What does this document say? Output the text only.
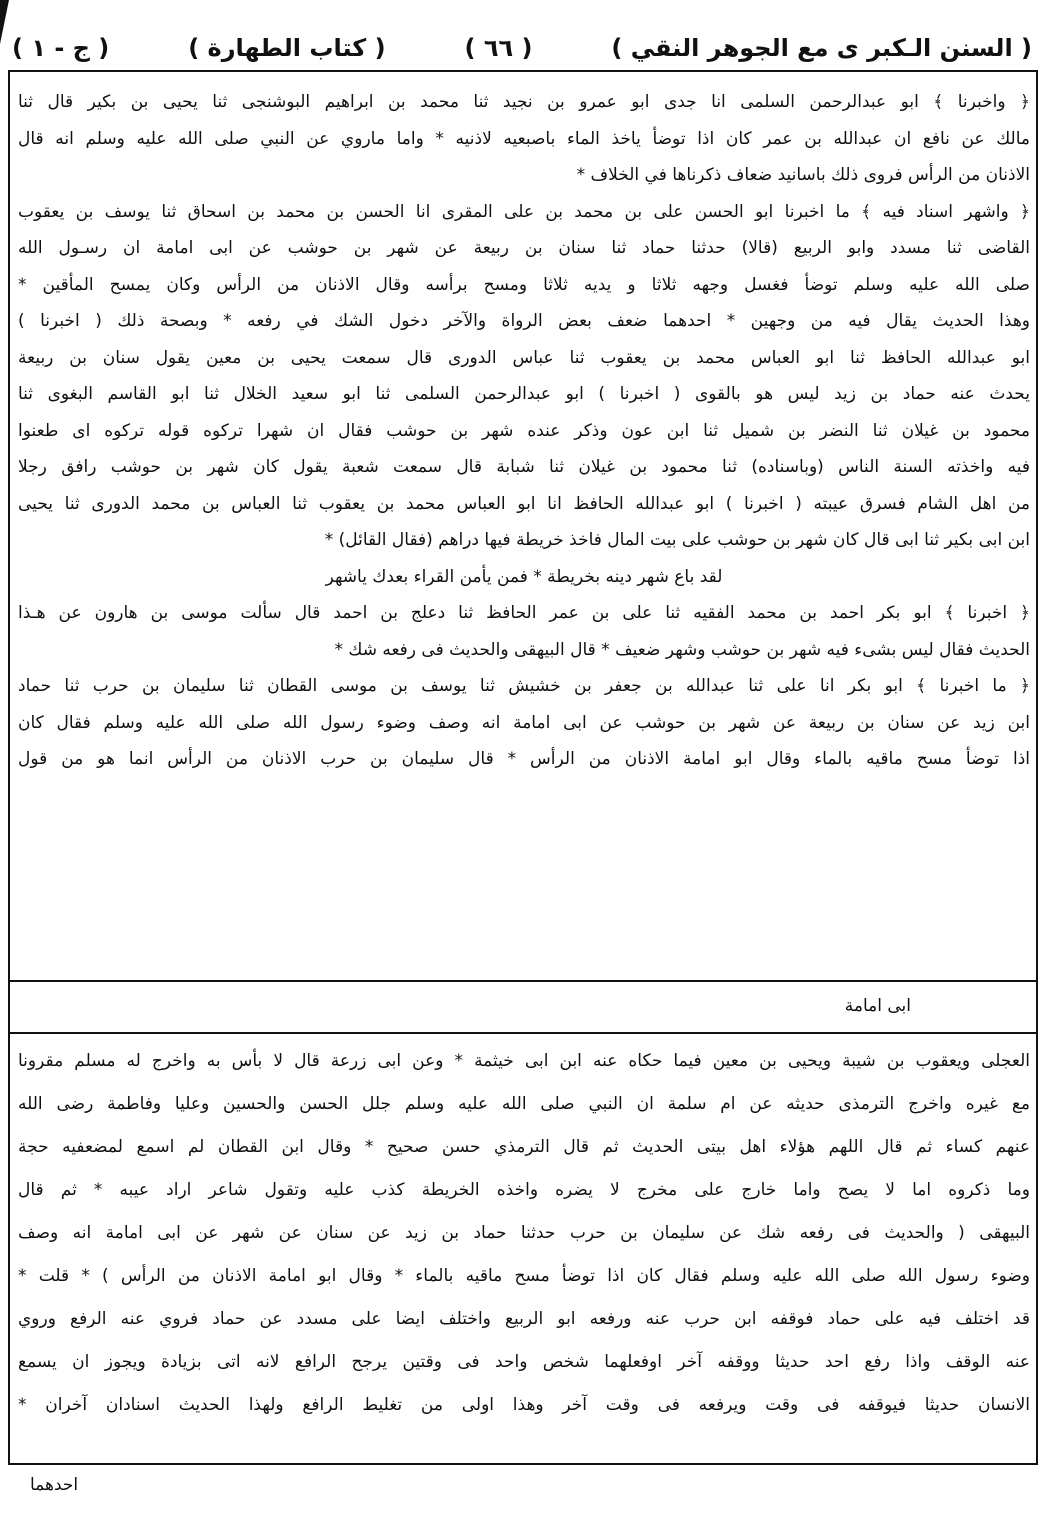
( السنن الـكبر ى مع الجوهر النقي )
( ٦٦ )
( كتاب الطهارة )
( ج - ١ )
﴿ واخبرنا ﴾ ابو عبدالرحمن السلمى انا جدى ابو عمرو بن نجيد ثنا محمد بن ابراهيم البوشنجى ثنا يحيى بن بكير قال ثنا
مالك عن نافع ان عبدالله بن عمر كان اذا توضأ ياخذ الماء باصبعيه لاذنيه * واما ماروي عن النبي صلى الله عليه وسلم انه قال
الاذنان من الرأس فروى ذلك باسانيد ضعاف ذكرناها في الخلاف *
﴿ واشهر اسناد فيه ﴾ ما اخبرنا ابو الحسن على بن محمد بن على المقرى انا الحسن بن محمد بن اسحاق ثنا يوسف بن يعقوب
القاضى ثنا مسدد وابو الربيع (قالا) حدثنا حماد ثنا سنان بن ربيعة عن شهر بن حوشب عن ابى امامة ان رسـول الله
صلى الله عليه وسلم توضأ فغسل وجهه ثلاثا و يديه ثلاثا ومسح برأسه وقال الاذنان من الرأس وكان يمسح المأقين *
وهذا الحديث يقال فيه من وجهين * احدهما ضعف بعض الرواة والآخر دخول الشك في رفعه * وبصحة ذلك ( اخبرنا )
ابو عبدالله الحافظ ثنا ابو العباس محمد بن يعقوب ثنا عباس الدورى قال سمعت يحيى بن معين يقول سنان بن ربيعة
يحدث عنه حماد بن زيد ليس هو بالقوى ( اخبرنا ) ابو عبدالرحمن السلمى ثنا ابو سعيد الخلال ثنا ابو القاسم البغوى ثنا
محمود بن غيلان ثنا النضر بن شميل ثنا ابن عون وذكر عنده شهر بن حوشب فقال ان شهرا تركوه قوله تركوه اى طعنوا
فيه واخذته السنة الناس (وباسناده) ثنا محمود بن غيلان ثنا شبابة قال سمعت شعبة يقول كان شهر بن حوشب رافق رجلا
من اهل الشام فسرق عيبته ( اخبرنا ) ابو عبدالله الحافظ انا ابو العباس محمد بن يعقوب ثنا العباس بن محمد الدورى ثنا يحيى
ابن ابى بكير ثنا ابى قال كان شهر بن حوشب على بيت المال فاخذ خريطة فيها دراهم (فقال القائل) *
لقد باع شهر دينه بخريطة * فمن يأمن القراء بعدك ياشهر
﴿ اخبرنا ﴾ ابو بكر احمد بن محمد الفقيه ثنا على بن عمر الحافظ ثنا دعلج بن احمد قال سألت موسى بن هارون عن هـذا
الحديث فقال ليس بشىء فيه شهر بن حوشب وشهر ضعيف * قال البيهقى والحديث فى رفعه شك *
﴿ ما اخبرنا ﴾ ابو بكر انا على ثنا عبدالله بن جعفر بن خشيش ثنا يوسف بن موسى القطان ثنا سليمان بن حرب ثنا حماد
ابن زيد عن سنان بن ربيعة عن شهر بن حوشب عن ابى امامة انه وصف وضوء رسول الله صلى الله عليه وسلم فقال كان
اذا توضأ مسح ماقيه بالماء وقال ابو امامة الاذنان من الرأس * قال سليمان بن حرب الاذنان من الرأس انما هو من قول
ابى امامة
العجلى ويعقوب بن شيبة ويحيى بن معين فيما حكاه عنه ابن ابى خيثمة * وعن ابى زرعة قال لا بأس به واخرج له مسلم مقرونا
مع غيره واخرج الترمذى حديثه عن ام سلمة ان النبي صلى الله عليه وسلم جلل الحسن والحسين وعليا وفاطمة رضى الله
عنهم كساء ثم قال اللهم هؤلاء اهل بيتى الحديث ثم قال الترمذي حسن صحيح * وقال ابن القطان لم اسمع لمضعفيه حجة
وما ذكروه اما لا يصح واما خارج على مخرج لا يضره واخذه الخريطة كذب عليه وتقول شاعر اراد عيبه * ثم قال
البيهقى ( والحديث فى رفعه شك عن سليمان بن حرب حدثنا حماد بن زيد عن سنان عن شهر عن ابى امامة انه وصف
وضوء رسول الله صلى الله عليه وسلم فقال كان اذا توضأ مسح ماقيه بالماء * وقال ابو امامة الاذنان من الرأس ) * قلت *
قد اختلف فيه على حماد فوقفه ابن حرب عنه ورفعه ابو الربيع واختلف ايضا على مسدد عن حماد فروي عنه الرفع وروي
عنه الوقف واذا رفع احد حديثا ووقفه آخر اوفعلهما شخص واحد فى وقتين يرجح الرافع لانه اتى بزيادة ويجوز ان يسمع
الانسان حديثا فيوقفه فى وقت ويرفعه فى وقت آخر وهذا اولى من تغليط الرافع ولهذا الحديث اسنادان آخران *
احدهما
